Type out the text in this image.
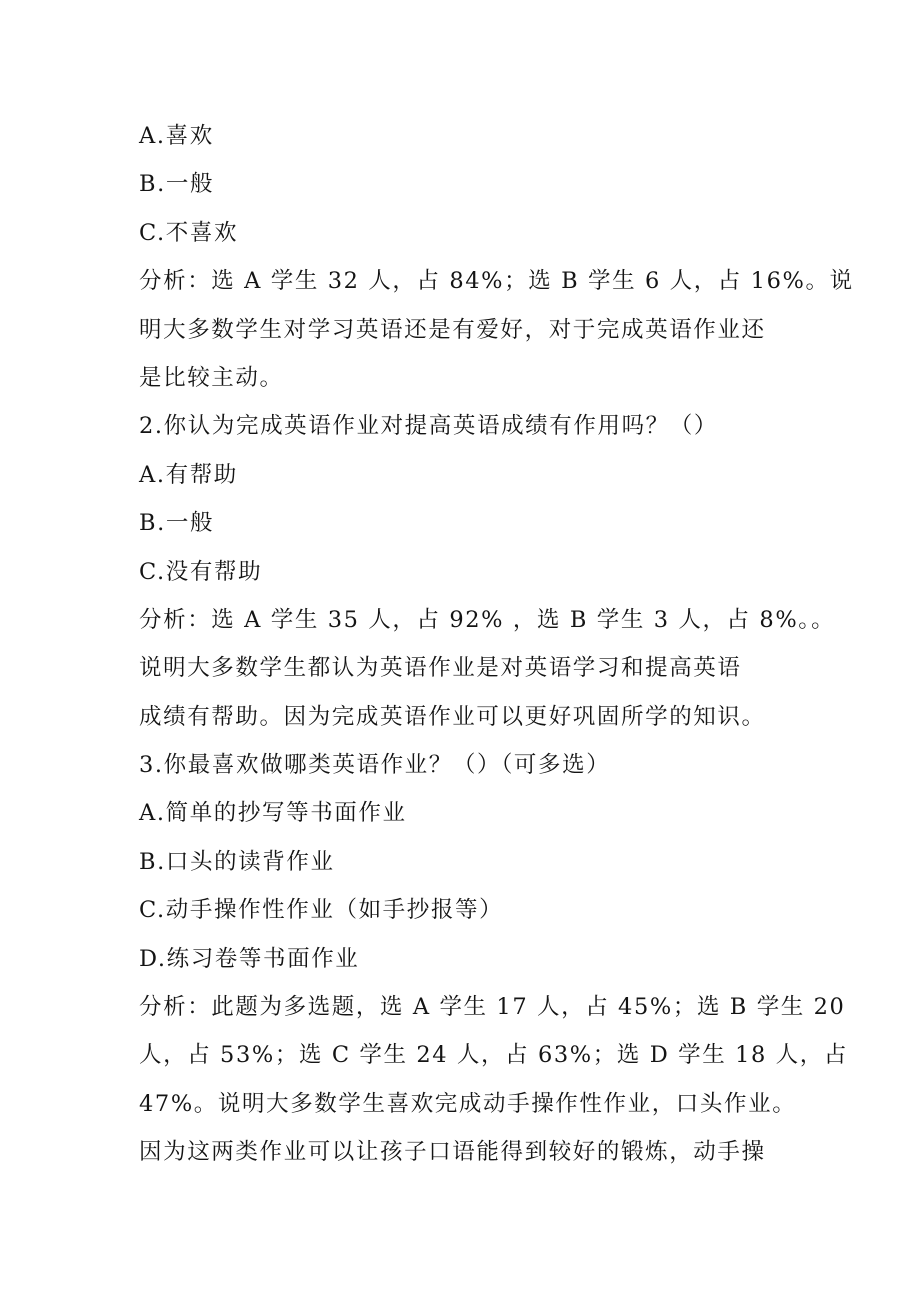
A.喜欢
B.一般
C.不喜欢
分析：选 A 学生 32 人，占 84%；选 B 学生 6 人，占 16%。说
明大多数学生对学习英语还是有爱好，对于完成英语作业还
是比较主动。
2.你认为完成英语作业对提高英语成绩有作用吗？（）
A.有帮助
B.一般
C.没有帮助
分析：选 A 学生 35 人，占 92% ，选 B 学生 3 人，占 8%。。
说明大多数学生都认为英语作业是对英语学习和提高英语
成绩有帮助。因为完成英语作业可以更好巩固所学的知识。
3.你最喜欢做哪类英语作业？（）（可多选）
A.简单的抄写等书面作业
B.口头的读背作业
C.动手操作性作业（如手抄报等）
D.练习卷等书面作业
分析：此题为多选题，选 A 学生 17 人，占 45%；选 B 学生 20
人，占 53%；选 C 学生 24 人，占 63%；选 D 学生 18 人，占
47%。说明大多数学生喜欢完成动手操作性作业，口头作业。
因为这两类作业可以让孩子口语能得到较好的锻炼，动手操
